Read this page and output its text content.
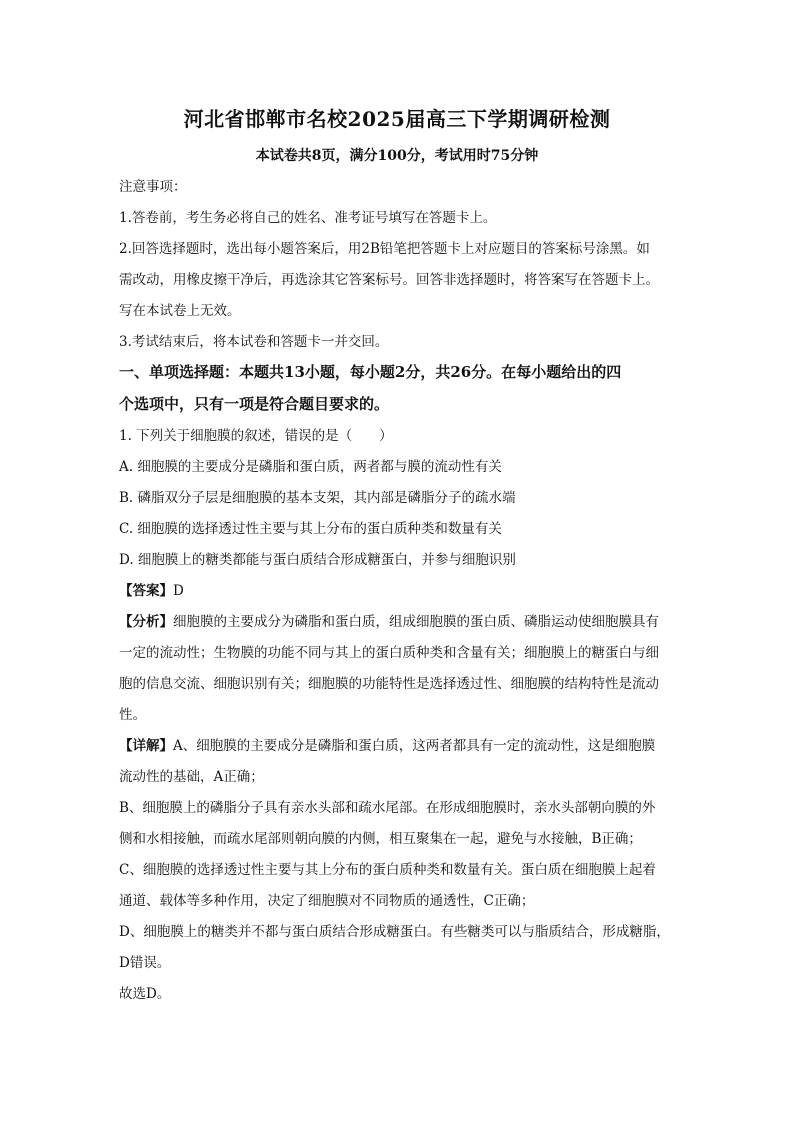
河北省邯郸市名校2025届高三下学期调研检测
本试卷共8页，满分100分，考试用时75分钟
注意事项：
1.答卷前，考生务必将自己的姓名、准考证号填写在答题卡上。
2.回答选择题时，选出每小题答案后，用2B铅笔把答题卡上对应题目的答案标号涂黑。如
需改动，用橡皮擦干净后，再选涂其它答案标号。回答非选择题时，将答案写在答题卡上。
写在本试卷上无效。
3.考试结束后，将本试卷和答题卡一并交回。
一、单项选择题：本题共13小题，每小题2分，共26分。在每小题给出的四
个选项中，只有一项是符合题目要求的。
1. 下列关于细胞膜的叙述，错误的是（　　）
A. 细胞膜的主要成分是磷脂和蛋白质，两者都与膜的流动性有关
B. 磷脂双分子层是细胞膜的基本支架，其内部是磷脂分子的疏水端
C. 细胞膜的选择透过性主要与其上分布的蛋白质种类和数量有关
D. 细胞膜上的糖类都能与蛋白质结合形成糖蛋白，并参与细胞识别
【答案】D
【分析】细胞膜的主要成分为磷脂和蛋白质，组成细胞膜的蛋白质、磷脂运动使细胞膜具有
一定的流动性；生物膜的功能不同与其上的蛋白质种类和含量有关；细胞膜上的糖蛋白与细
胞的信息交流、细胞识别有关；细胞膜的功能特性是选择透过性、细胞膜的结构特性是流动
性。
【详解】A、细胞膜的主要成分是磷脂和蛋白质，这两者都具有一定的流动性，这是细胞膜
流动性的基础，A正确；
B、细胞膜上的磷脂分子具有亲水头部和疏水尾部。在形成细胞膜时，亲水头部朝向膜的外
侧和水相接触，而疏水尾部则朝向膜的内侧，相互聚集在一起，避免与水接触，B正确；
C、细胞膜的选择透过性主要与其上分布的蛋白质种类和数量有关。蛋白质在细胞膜上起着
通道、载体等多种作用，决定了细胞膜对不同物质的通透性，C正确；
D、细胞膜上的糖类并不都与蛋白质结合形成糖蛋白。有些糖类可以与脂质结合，形成糖脂，
D错误。
故选D。
